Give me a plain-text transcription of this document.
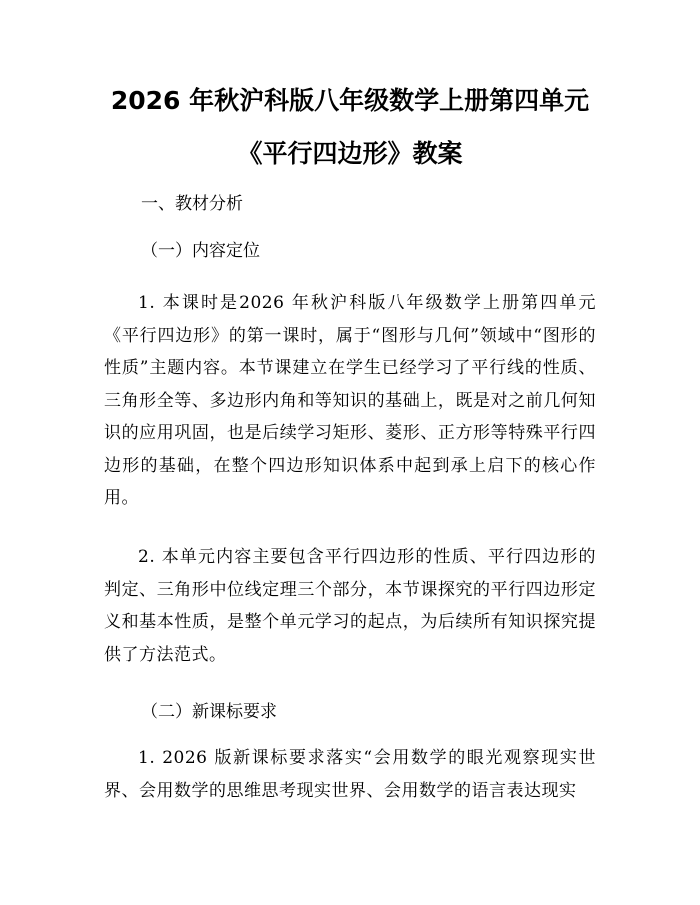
2026 年秋沪科版八年级数学上册第四单元
《平行四边形》教案
一、教材分析
（一）内容定位

1. 本课时是2026 年秋沪科版八年级数学上册第四单元《平行四边形》的第一课时，属于“图形与几何”领域中“图形的性质”主题内容。本节课建立在学生已经学习了平行线的性质、三角形全等、多边形内角和等知识的基础上，既是对之前几何知识的应用巩固，也是后续学习矩形、菱形、正方形等特殊平行四边形的基础，在整个四边形知识体系中起到承上启下的核心作用。

2. 本单元内容主要包含平行四边形的性质、平行四边形的判定、三角形中位线定理三个部分，本节课探究的平行四边形定义和基本性质，是整个单元学习的起点，为后续所有知识探究提供了方法范式。

（二）新课标要求

1. 2026 版新课标要求落实“会用数学的眼光观察现实世界、会用数学的思维思考现实世界、会用数学的语言表达现实
